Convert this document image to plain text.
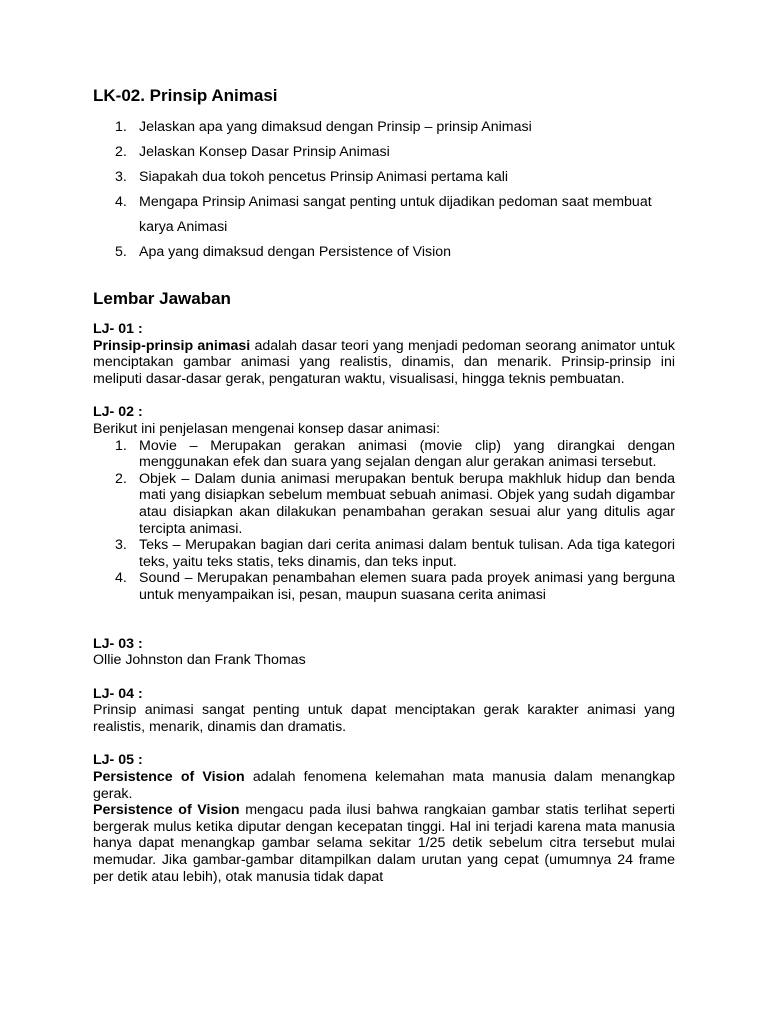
LK-02. Prinsip Animasi
1. Jelaskan apa yang dimaksud dengan Prinsip – prinsip Animasi
2. Jelaskan Konsep Dasar Prinsip Animasi
3. Siapakah dua tokoh pencetus Prinsip Animasi pertama kali
4. Mengapa Prinsip Animasi sangat penting untuk dijadikan pedoman saat membuat karya Animasi
5. Apa yang dimaksud dengan Persistence of Vision
Lembar Jawaban

LJ- 01 :

Prinsip-prinsip animasi adalah dasar teori yang menjadi pedoman seorang animator untuk menciptakan gambar animasi yang realistis, dinamis, dan menarik. Prinsip-prinsip ini meliputi dasar-dasar gerak, pengaturan waktu, visualisasi, hingga teknis pembuatan.

LJ- 02 :

Berikut ini penjelasan mengenai konsep dasar animasi:

1. Movie – Merupakan gerakan animasi (movie clip) yang dirangkai dengan menggunakan efek dan suara yang sejalan dengan alur gerakan animasi tersebut.
2. Objek – Dalam dunia animasi merupakan bentuk berupa makhluk hidup dan benda mati yang disiapkan sebelum membuat sebuah animasi. Objek yang sudah digambar atau disiapkan akan dilakukan penambahan gerakan sesuai alur yang ditulis agar tercipta animasi.
3. Teks – Merupakan bagian dari cerita animasi dalam bentuk tulisan. Ada tiga kategori teks, yaitu teks statis, teks dinamis, dan teks input.
4. Sound – Merupakan penambahan elemen suara pada proyek animasi yang berguna untuk menyampaikan isi, pesan, maupun suasana cerita animasi

LJ- 03 :

Ollie Johnston dan Frank Thomas

LJ- 04 :

Prinsip animasi sangat penting untuk dapat menciptakan gerak karakter animasi yang realistis, menarik, dinamis dan dramatis.

LJ- 05 :

Persistence of Vision adalah fenomena kelemahan mata manusia dalam menangkap gerak.

Persistence of Vision mengacu pada ilusi bahwa rangkaian gambar statis terlihat seperti bergerak mulus ketika diputar dengan kecepatan tinggi. Hal ini terjadi karena mata manusia hanya dapat menangkap gambar selama sekitar 1/25 detik sebelum citra tersebut mulai memudar. Jika gambar-gambar ditampilkan dalam urutan yang cepat (umumnya 24 frame per detik atau lebih), otak manusia tidak dapat
